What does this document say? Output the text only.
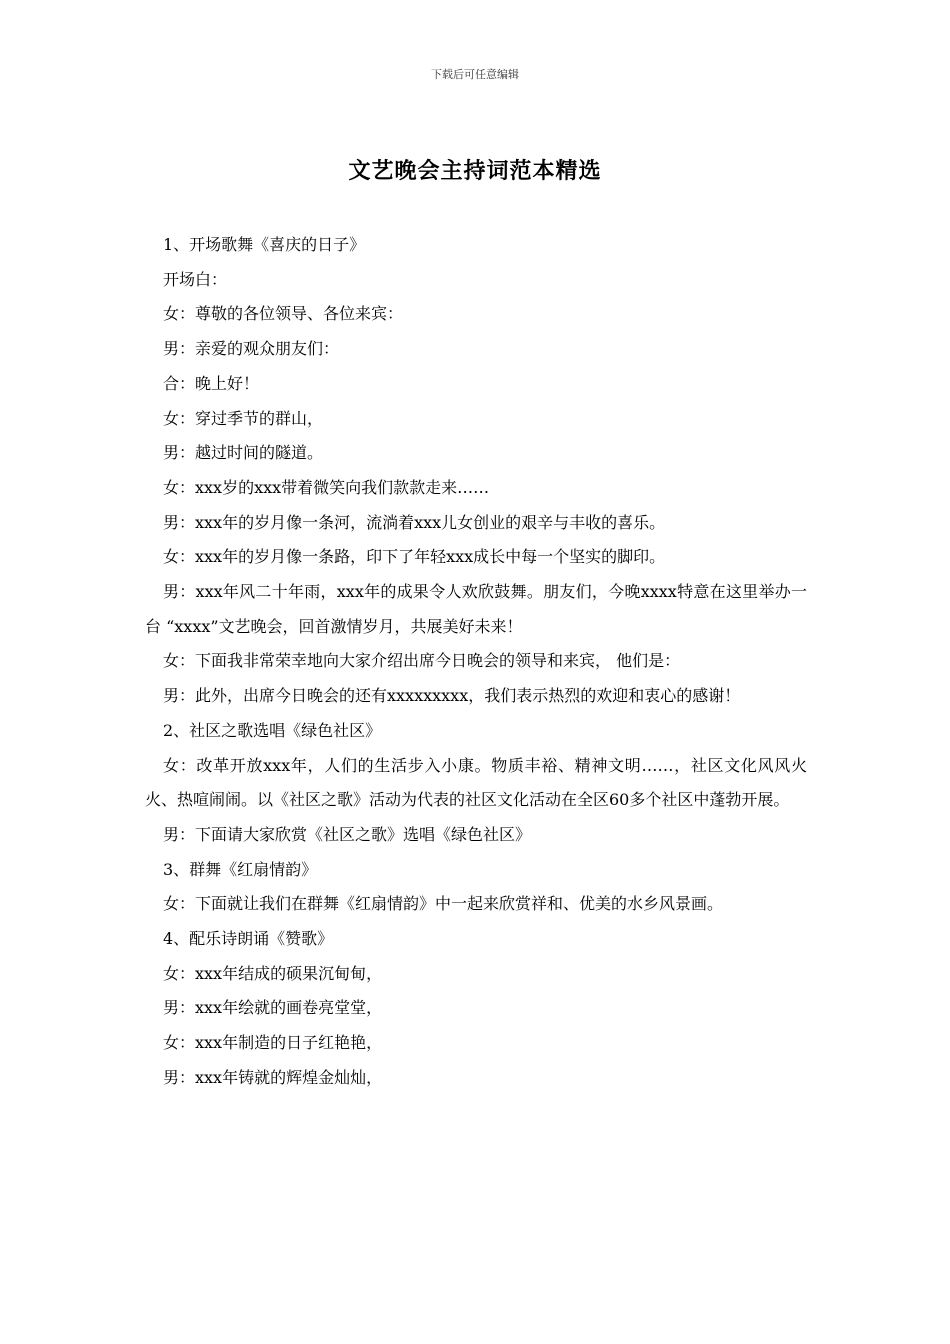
下载后可任意编辑
文艺晚会主持词范本精选

1、开场歌舞《喜庆的日子》

开场白：

女：尊敬的各位领导、各位来宾：

男：亲爱的观众朋友们：

合：晚上好！

女：穿过季节的群山，

男：越过时间的隧道。

女：xxx岁的xxx带着微笑向我们款款走来……

男：xxx年的岁月像一条河，流淌着xxx儿女创业的艰辛与丰收的喜乐。

女：xxx年的岁月像一条路，印下了年轻xxx成长中每一个坚实的脚印。

男：xxx年风二十年雨，xxx年的成果令人欢欣鼓舞。朋友们，今晚xxxx特意在这里举办一台 “xxxx”文艺晚会，回首激情岁月，共展美好未来！

女：下面我非常荣幸地向大家介绍出席今日晚会的领导和来宾， 他们是：

男：此外，出席今日晚会的还有xxxxxxxxx，我们表示热烈的欢迎和衷心的感谢！

2、社区之歌选唱《绿色社区》

女：改革开放xxx年，人们的生活步入小康。物质丰裕、精神文明……，社区文化风风火火、热喧闹闹。以《社区之歌》活动为代表的社区文化活动在全区60多个社区中蓬勃开展。

男：下面请大家欣赏《社区之歌》选唱《绿色社区》

3、群舞《红扇情韵》

女：下面就让我们在群舞《红扇情韵》中一起来欣赏祥和、优美的水乡风景画。

4、配乐诗朗诵《赞歌》

女：xxx年结成的硕果沉甸甸，

男：xxx年绘就的画卷亮堂堂，

女：xxx年制造的日子红艳艳，

男：xxx年铸就的辉煌金灿灿，
